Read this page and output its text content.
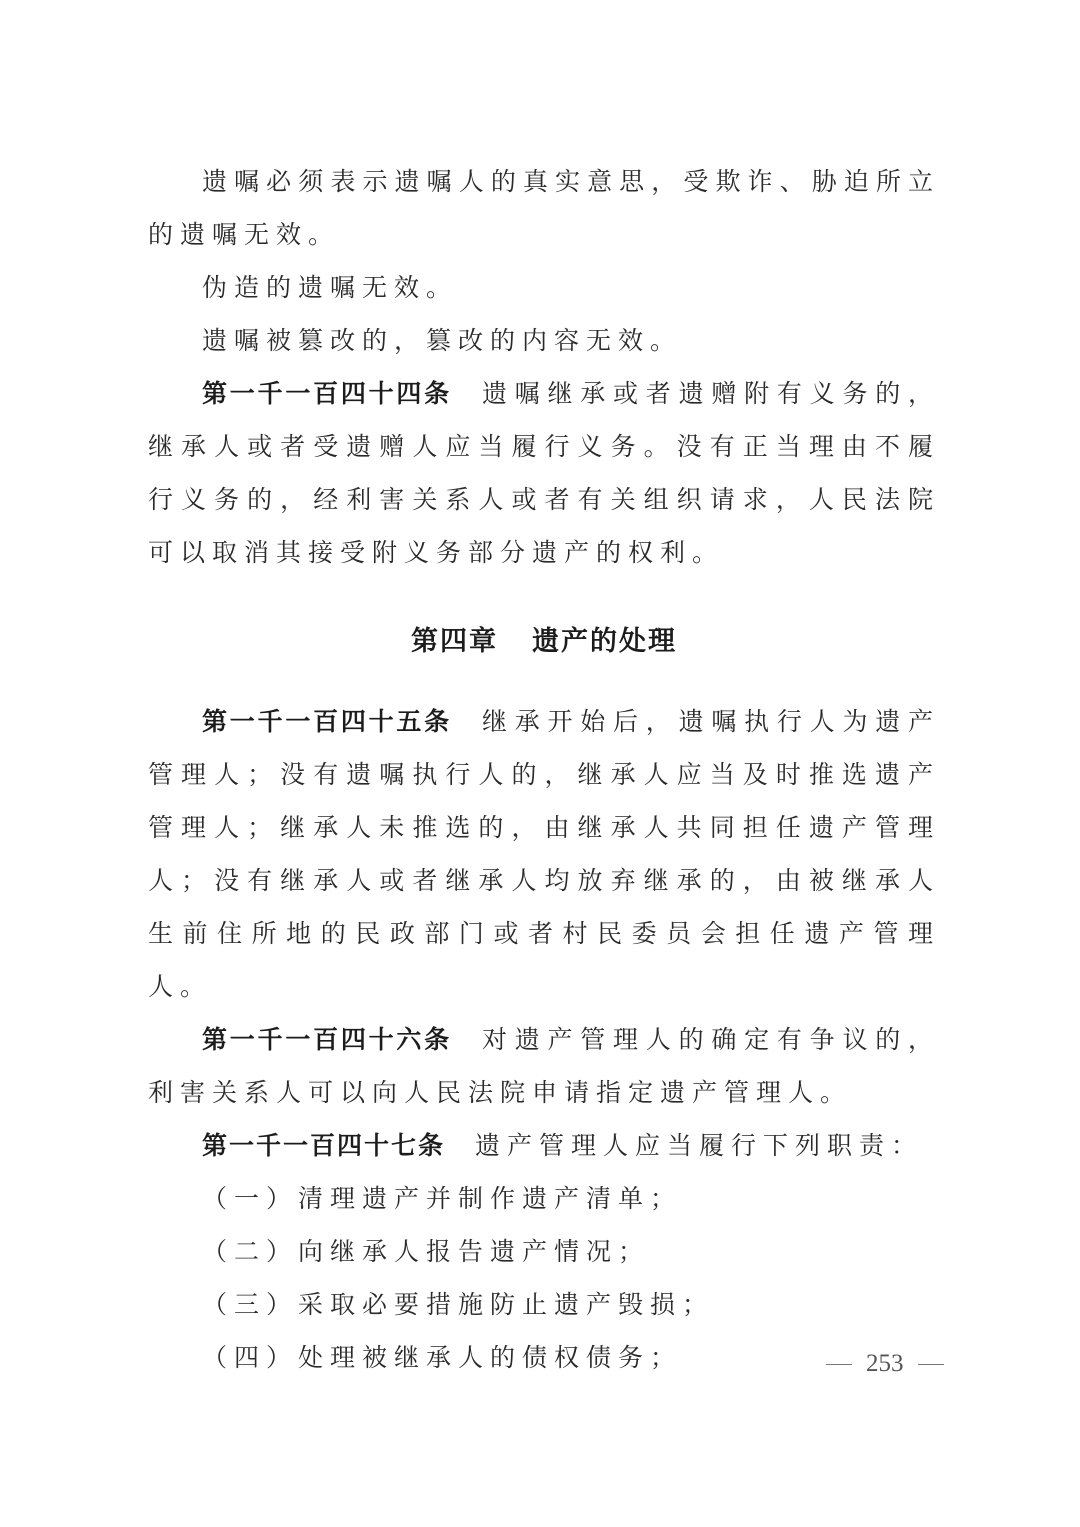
遗嘱必须表示遗嘱人的真实意思，受欺诈、胁迫所立的遗嘱无效。

伪造的遗嘱无效。

遗嘱被篡改的，篡改的内容无效。

第一千一百四十四条 遗嘱继承或者遗赠附有义务的，继承人或者受遗赠人应当履行义务。没有正当理由不履行义务的，经利害关系人或者有关组织请求，人民法院可以取消其接受附义务部分遗产的权利。

第四章 遗产的处理

第一千一百四十五条 继承开始后，遗嘱执行人为遗产管理人；没有遗嘱执行人的，继承人应当及时推选遗产管理人；继承人未推选的，由继承人共同担任遗产管理人；没有继承人或者继承人均放弃继承的，由被继承人生前住所地的民政部门或者村民委员会担任遗产管理人。

第一千一百四十六条 对遗产管理人的确定有争议的，利害关系人可以向人民法院申请指定遗产管理人。

第一千一百四十七条 遗产管理人应当履行下列职责：

（一）清理遗产并制作遗产清单；

（二）向继承人报告遗产情况；

（三）采取必要措施防止遗产毁损；

（四）处理被继承人的债权债务；	253
